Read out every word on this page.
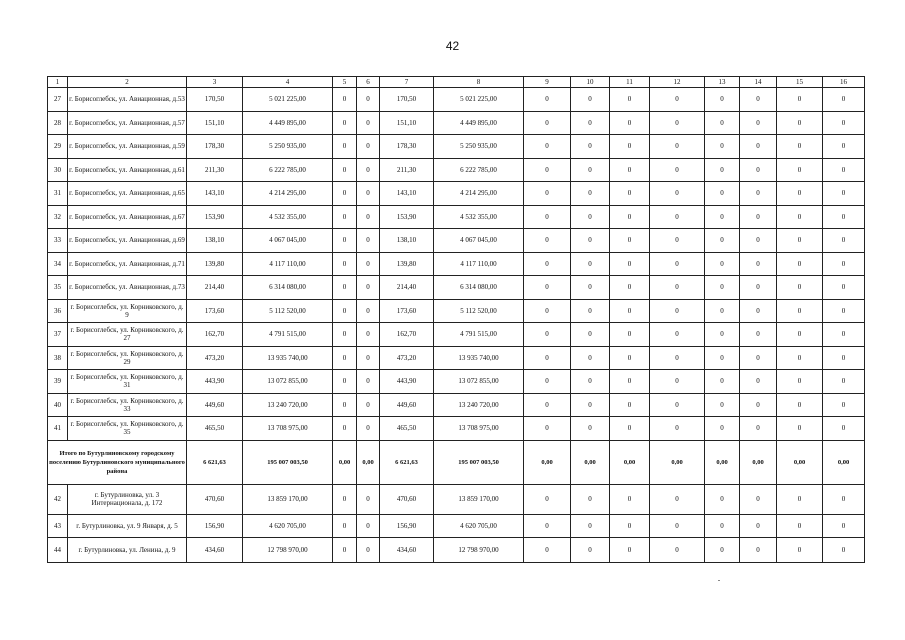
42
1	2	3	4	5	6	7	8	9	10	11	12	13	14	15	16
27	г. Борисоглебск, ул. Авиационная, д.53	170,50	5 021 225,00	0	0	170,50	5 021 225,00	0	0	0	0	0	0	0	0
28	г. Борисоглебск, ул. Авиационная, д.57	151,10	4 449 895,00	0	0	151,10	4 449 895,00	0	0	0	0	0	0	0	0
29	г. Борисоглебск, ул. Авиационная, д.59	178,30	5 250 935,00	0	0	178,30	5 250 935,00	0	0	0	0	0	0	0	0
30	г. Борисоглебск, ул. Авиационная, д.61	211,30	6 222 785,00	0	0	211,30	6 222 785,00	0	0	0	0	0	0	0	0
31	г. Борисоглебск, ул. Авиационная, д.65	143,10	4 214 295,00	0	0	143,10	4 214 295,00	0	0	0	0	0	0	0	0
32	г. Борисоглебск, ул. Авиационная, д.67	153,90	4 532 355,00	0	0	153,90	4 532 355,00	0	0	0	0	0	0	0	0
33	г. Борисоглебск, ул. Авиационная, д.69	138,10	4 067 045,00	0	0	138,10	4 067 045,00	0	0	0	0	0	0	0	0
34	г. Борисоглебск, ул. Авиационная, д.71	139,80	4 117 110,00	0	0	139,80	4 117 110,00	0	0	0	0	0	0	0	0
35	г. Борисоглебск, ул. Авиационная, д.73	214,40	6 314 080,00	0	0	214,40	6 314 080,00	0	0	0	0	0	0	0	0
36	г. Борисоглебск, ул. Корниковского, д. 9	173,60	5 112 520,00	0	0	173,60	5 112 520,00	0	0	0	0	0	0	0	0
37	г. Борисоглебск, ул. Корниковского, д. 27	162,70	4 791 515,00	0	0	162,70	4 791 515,00	0	0	0	0	0	0	0	0
38	г. Борисоглебск, ул. Корниковского, д. 29	473,20	13 935 740,00	0	0	473,20	13 935 740,00	0	0	0	0	0	0	0	0
39	г. Борисоглебск, ул. Корниковского, д. 31	443,90	13 072 855,00	0	0	443,90	13 072 855,00	0	0	0	0	0	0	0	0
40	г. Борисоглебск, ул. Корниковского, д. 33	449,60	13 240 720,00	0	0	449,60	13 240 720,00	0	0	0	0	0	0	0	0
41	г. Борисоглебск, ул. Корниковского, д. 35	465,50	13 708 975,00	0	0	465,50	13 708 975,00	0	0	0	0	0	0	0	0
Итого по Бутурлиновскому городскому поселению Бутурлиновского муниципального района		6 621,63	195 007 003,50	0,00	0,00	6 621,63	195 007 003,50	0,00	0,00	0,00	0,00	0,00	0,00	0,00	0,00
42	г. Бутурлиновка, ул. 3 Интернационала, д. 172	470,60	13 859 170,00	0	0	470,60	13 859 170,00	0	0	0	0	0	0	0	0
43	г. Бутурлиновка, ул. 9 Января, д. 5	156,90	4 620 705,00	0	0	156,90	4 620 705,00	0	0	0	0	0	0	0	0
44	г. Бутурлиновка, ул. Ленина, д. 9	434,60	12 798 970,00	0	0	434,60	12 798 970,00	0	0	0	0	0	0	0	0
